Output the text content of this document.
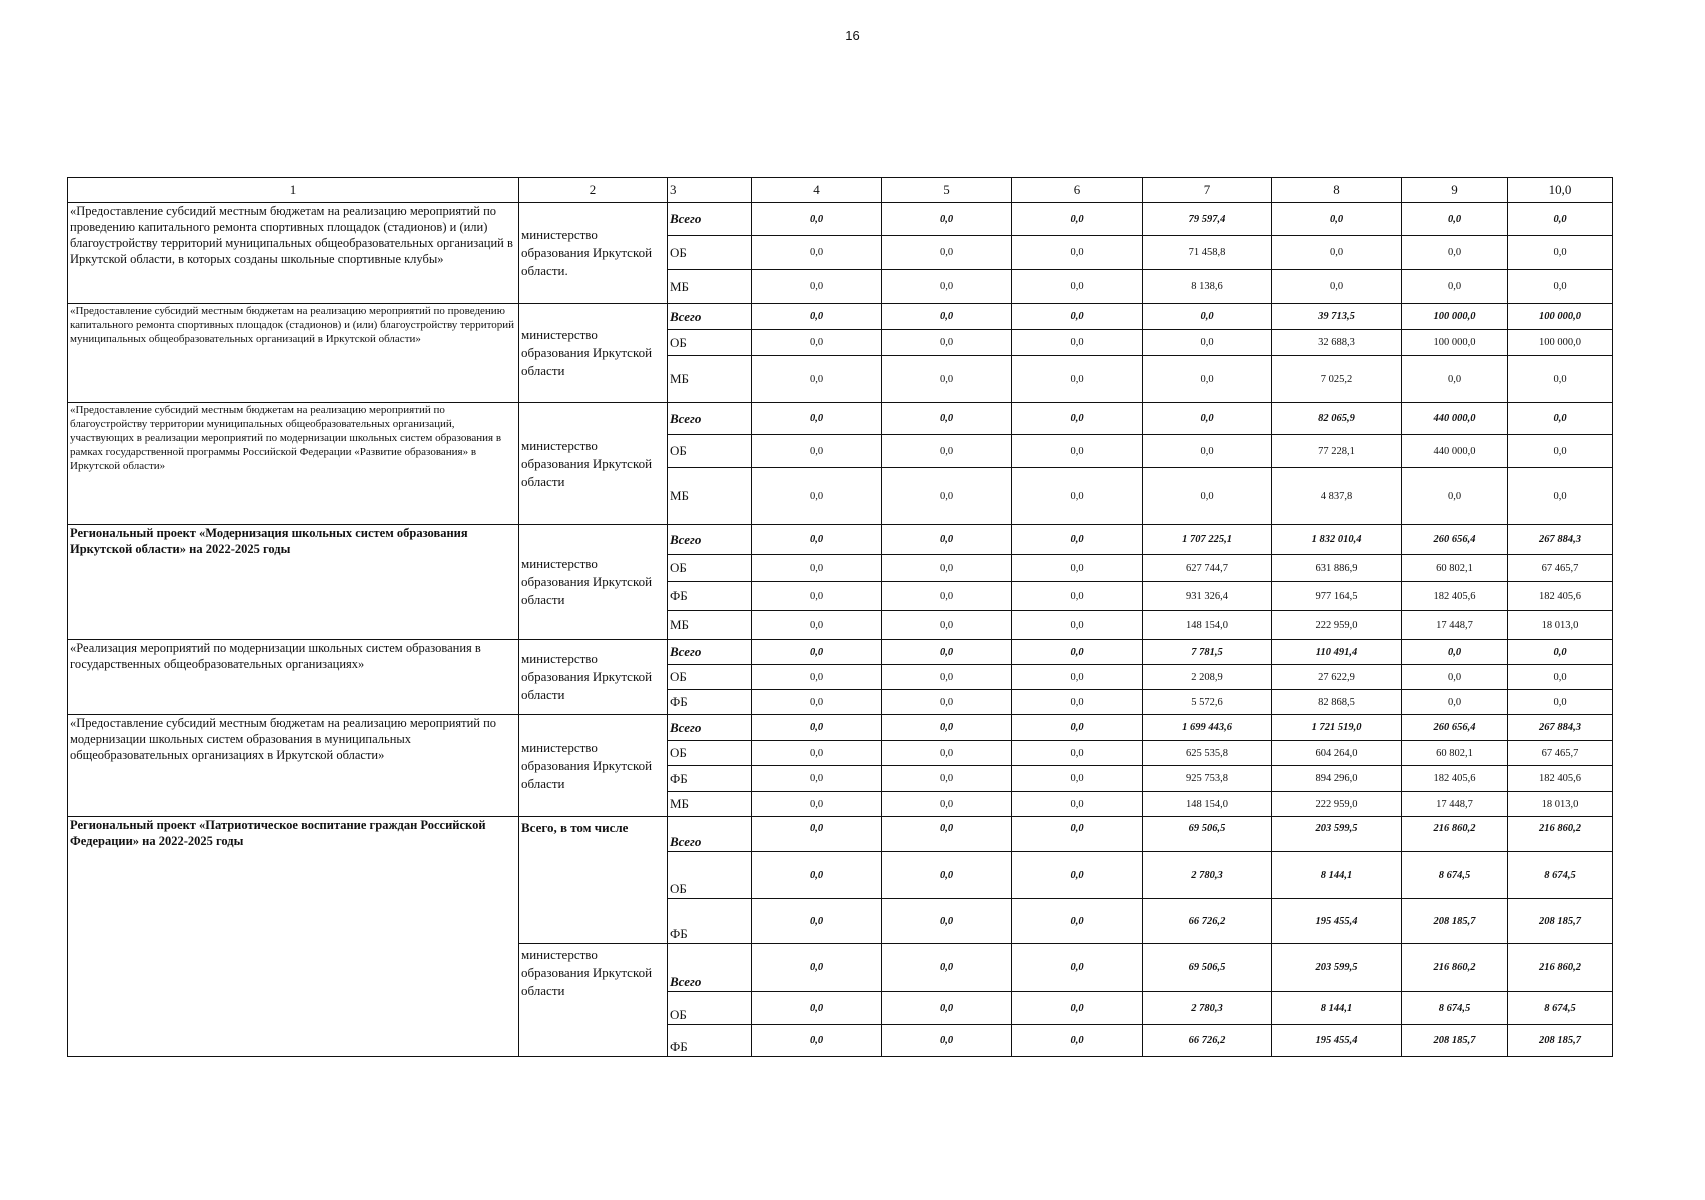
16
1	2	3	4	5	6	7	8	9	10,0
«Предоставление субсидий местным бюджетам на реализацию мероприятий по проведению капитального ремонта спортивных площадок (стадионов) и (или) благоустройству территорий муниципальных общеобразовательных организаций в Иркутской области, в которых созданы школьные спортивные клубы»	министерство образования Иркутской области.	Всего	0,0	0,0	0,0	79 597,4	0,0	0,0	0,0
		ОБ	0,0	0,0	0,0	71 458,8	0,0	0,0	0,0
		МБ	0,0	0,0	0,0	8 138,6	0,0	0,0	0,0
«Предоставление субсидий местным бюджетам на реализацию мероприятий по проведению капитального ремонта спортивных площадок (стадионов) и (или) благоустройству территорий муниципальных общеобразовательных организаций в Иркутской области»	министерство образования Иркутской области	Всего	0,0	0,0	0,0	0,0	39 713,5	100 000,0	100 000,0
		ОБ	0,0	0,0	0,0	0,0	32 688,3	100 000,0	100 000,0
		МБ	0,0	0,0	0,0	0,0	7 025,2	0,0	0,0
«Предоставление субсидий местным бюджетам на реализацию мероприятий по благоустройству территории муниципальных общеобразовательных организаций, участвующих в реализации мероприятий по модернизации школьных систем образования в рамках государственной программы Российской Федерации «Развитие образования» в Иркутской области»	министерство образования Иркутской области	Всего	0,0	0,0	0,0	0,0	82 065,9	440 000,0	0,0
		ОБ	0,0	0,0	0,0	0,0	77 228,1	440 000,0	0,0
		МБ	0,0	0,0	0,0	0,0	4 837,8	0,0	0,0
Региональный проект «Модернизация школьных систем образования Иркутской области» на 2022-2025 годы	министерство образования Иркутской области	Всего	0,0	0,0	0,0	1 707 225,1	1 832 010,4	260 656,4	267 884,3
		ОБ	0,0	0,0	0,0	627 744,7	631 886,9	60 802,1	67 465,7
		ФБ	0,0	0,0	0,0	931 326,4	977 164,5	182 405,6	182 405,6
		МБ	0,0	0,0	0,0	148 154,0	222 959,0	17 448,7	18 013,0
«Реализация мероприятий по модернизации школьных систем образования в государственных общеобразовательных организациях»	министерство образования Иркутской области	Всего	0,0	0,0	0,0	7 781,5	110 491,4	0,0	0,0
		ОБ	0,0	0,0	0,0	2 208,9	27 622,9	0,0	0,0
		ФБ	0,0	0,0	0,0	5 572,6	82 868,5	0,0	0,0
«Предоставление субсидий местным бюджетам на реализацию мероприятий по модернизации школьных систем образования в муниципальных общеобразовательных организациях в Иркутской области»	министерство образования Иркутской области	Всего	0,0	0,0	0,0	1 699 443,6	1 721 519,0	260 656,4	267 884,3
		ОБ	0,0	0,0	0,0	625 535,8	604 264,0	60 802,1	67 465,7
		ФБ	0,0	0,0	0,0	925 753,8	894 296,0	182 405,6	182 405,6
		МБ	0,0	0,0	0,0	148 154,0	222 959,0	17 448,7	18 013,0
Региональный проект «Патриотическое воспитание граждан Российской Федерации» на 2022-2025 годы	Всего, в том числе	Всего	0,0	0,0	0,0	69 506,5	203 599,5	216 860,2	216 860,2
		ОБ	0,0	0,0	0,0	2 780,3	8 144,1	8 674,5	8 674,5
		ФБ	0,0	0,0	0,0	66 726,2	195 455,4	208 185,7	208 185,7
	министерство образования Иркутской области	Всего	0,0	0,0	0,0	69 506,5	203 599,5	216 860,2	216 860,2
		ОБ	0,0	0,0	0,0	2 780,3	8 144,1	8 674,5	8 674,5
		ФБ	0,0	0,0	0,0	66 726,2	195 455,4	208 185,7	208 185,7
